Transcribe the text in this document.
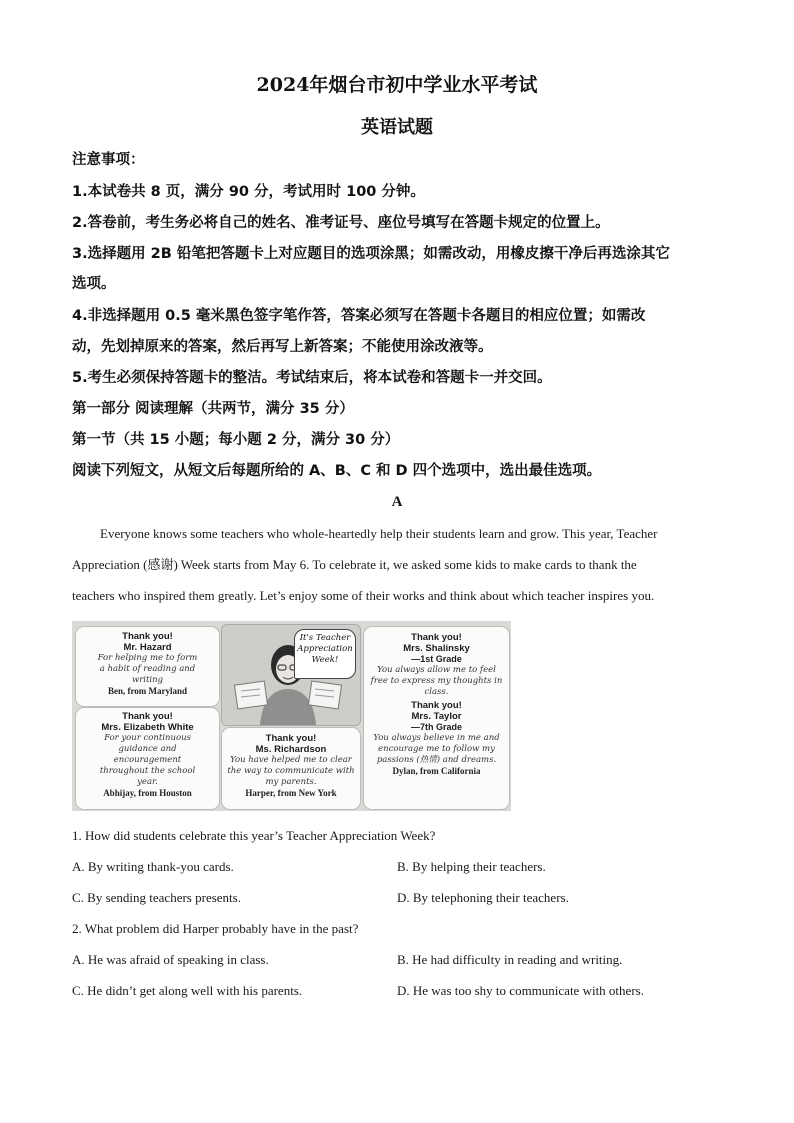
2024年烟台市初中学业水平考试
英语试题
注意事项：
1.本试卷共 8 页，满分 90 分，考试用时 100 分钟。
2.答卷前，考生务必将自己的姓名、准考证号、座位号填写在答题卡规定的位置上。
3.选择题用 2B 铅笔把答题卡上对应题目的选项涂黑；如需改动，用橡皮擦干净后再选涂其它
选项。
4.非选择题用 0.5 毫米黑色签字笔作答，答案必须写在答题卡各题目的相应位置；如需改
动，先划掉原来的答案，然后再写上新答案；不能使用涂改液等。
5.考生必须保持答题卡的整洁。考试结束后，将本试卷和答题卡一并交回。
第一部分 阅读理解（共两节，满分 35 分）
第一节（共 15 小题；每小题 2 分，满分 30 分）
阅读下列短文，从短文后每题所给的 A、B、C 和 D 四个选项中，选出最佳选项。
A
Everyone knows some teachers who whole-heartedly help their students learn and grow. This year, Teacher
Appreciation (感谢) Week starts from May 6. To celebrate it, we asked some kids to make cards to thank the
teachers who inspired them greatly. Let’s enjoy some of their works and think about which teacher inspires you.
Thank you!
Mr. Hazard
For helping me to form
a habit of reading and
writing
Ben, from Maryland
Thank you!
Mrs. Elizabeth White
For your continuous
guidance and
encouragement
throughout the school
year.
Abhijay, from Houston
It's Teacher
Appreciation
Week!
Thank you!
Ms. Richardson
You have helped me to clear
the way to communicate with
my parents.
Harper, from New York
Thank you!
Mrs. Shalinsky
—1st Grade
You always allow me to feel
free to express my thoughts in
class.
Thank you!
Mrs. Taylor
—7th Grade
You always believe in me and
encourage me to follow my
passions (热情) and dreams.
Dylan, from California
1. How did students celebrate this year’s Teacher Appreciation Week?
A. By writing thank-you cards.	B. By helping their teachers.
C. By sending teachers presents.	D. By telephoning their teachers.
2. What problem did Harper probably have in the past?
A. He was afraid of speaking in class.	B. He had difficulty in reading and writing.
C. He didn’t get along well with his parents.	D. He was too shy to communicate with others.
